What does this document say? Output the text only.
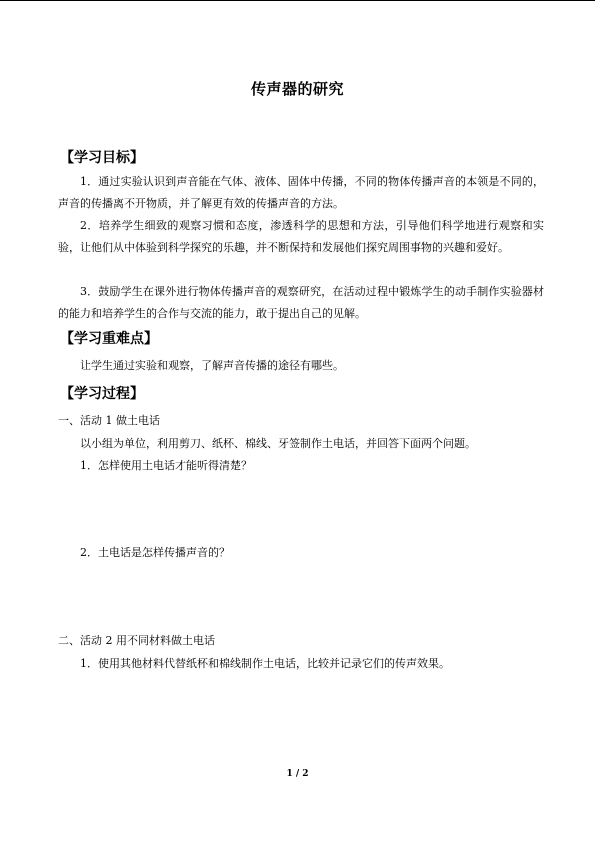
传声器的研究
【学习目标】

1．通过实验认识到声音能在气体、液体、固体中传播，不同的物体传播声音的本领是不同的，声音的传播离不开物质，并了解更有效的传播声音的方法。

2．培养学生细致的观察习惯和态度，渗透科学的思想和方法，引导他们科学地进行观察和实验，让他们从中体验到科学探究的乐趣，并不断保持和发展他们探究周围事物的兴趣和爱好。

3．鼓励学生在课外进行物体传播声音的观察研究，在活动过程中锻炼学生的动手制作实验器材的能力和培养学生的合作与交流的能力，敢于提出自己的见解。

【学习重难点】
让学生通过实验和观察，了解声音传播的途径有哪些。
【学习过程】
一、活动 1 做土电话
以小组为单位，利用剪刀、纸杯、棉线、牙签制作土电话，并回答下面两个问题。
1．怎样使用土电话才能听得清楚？
2．土电话是怎样传播声音的？
二、活动 2 用不同材料做土电话
1．使用其他材料代替纸杯和棉线制作土电话，比较并记录它们的传声效果。
1 / 2
